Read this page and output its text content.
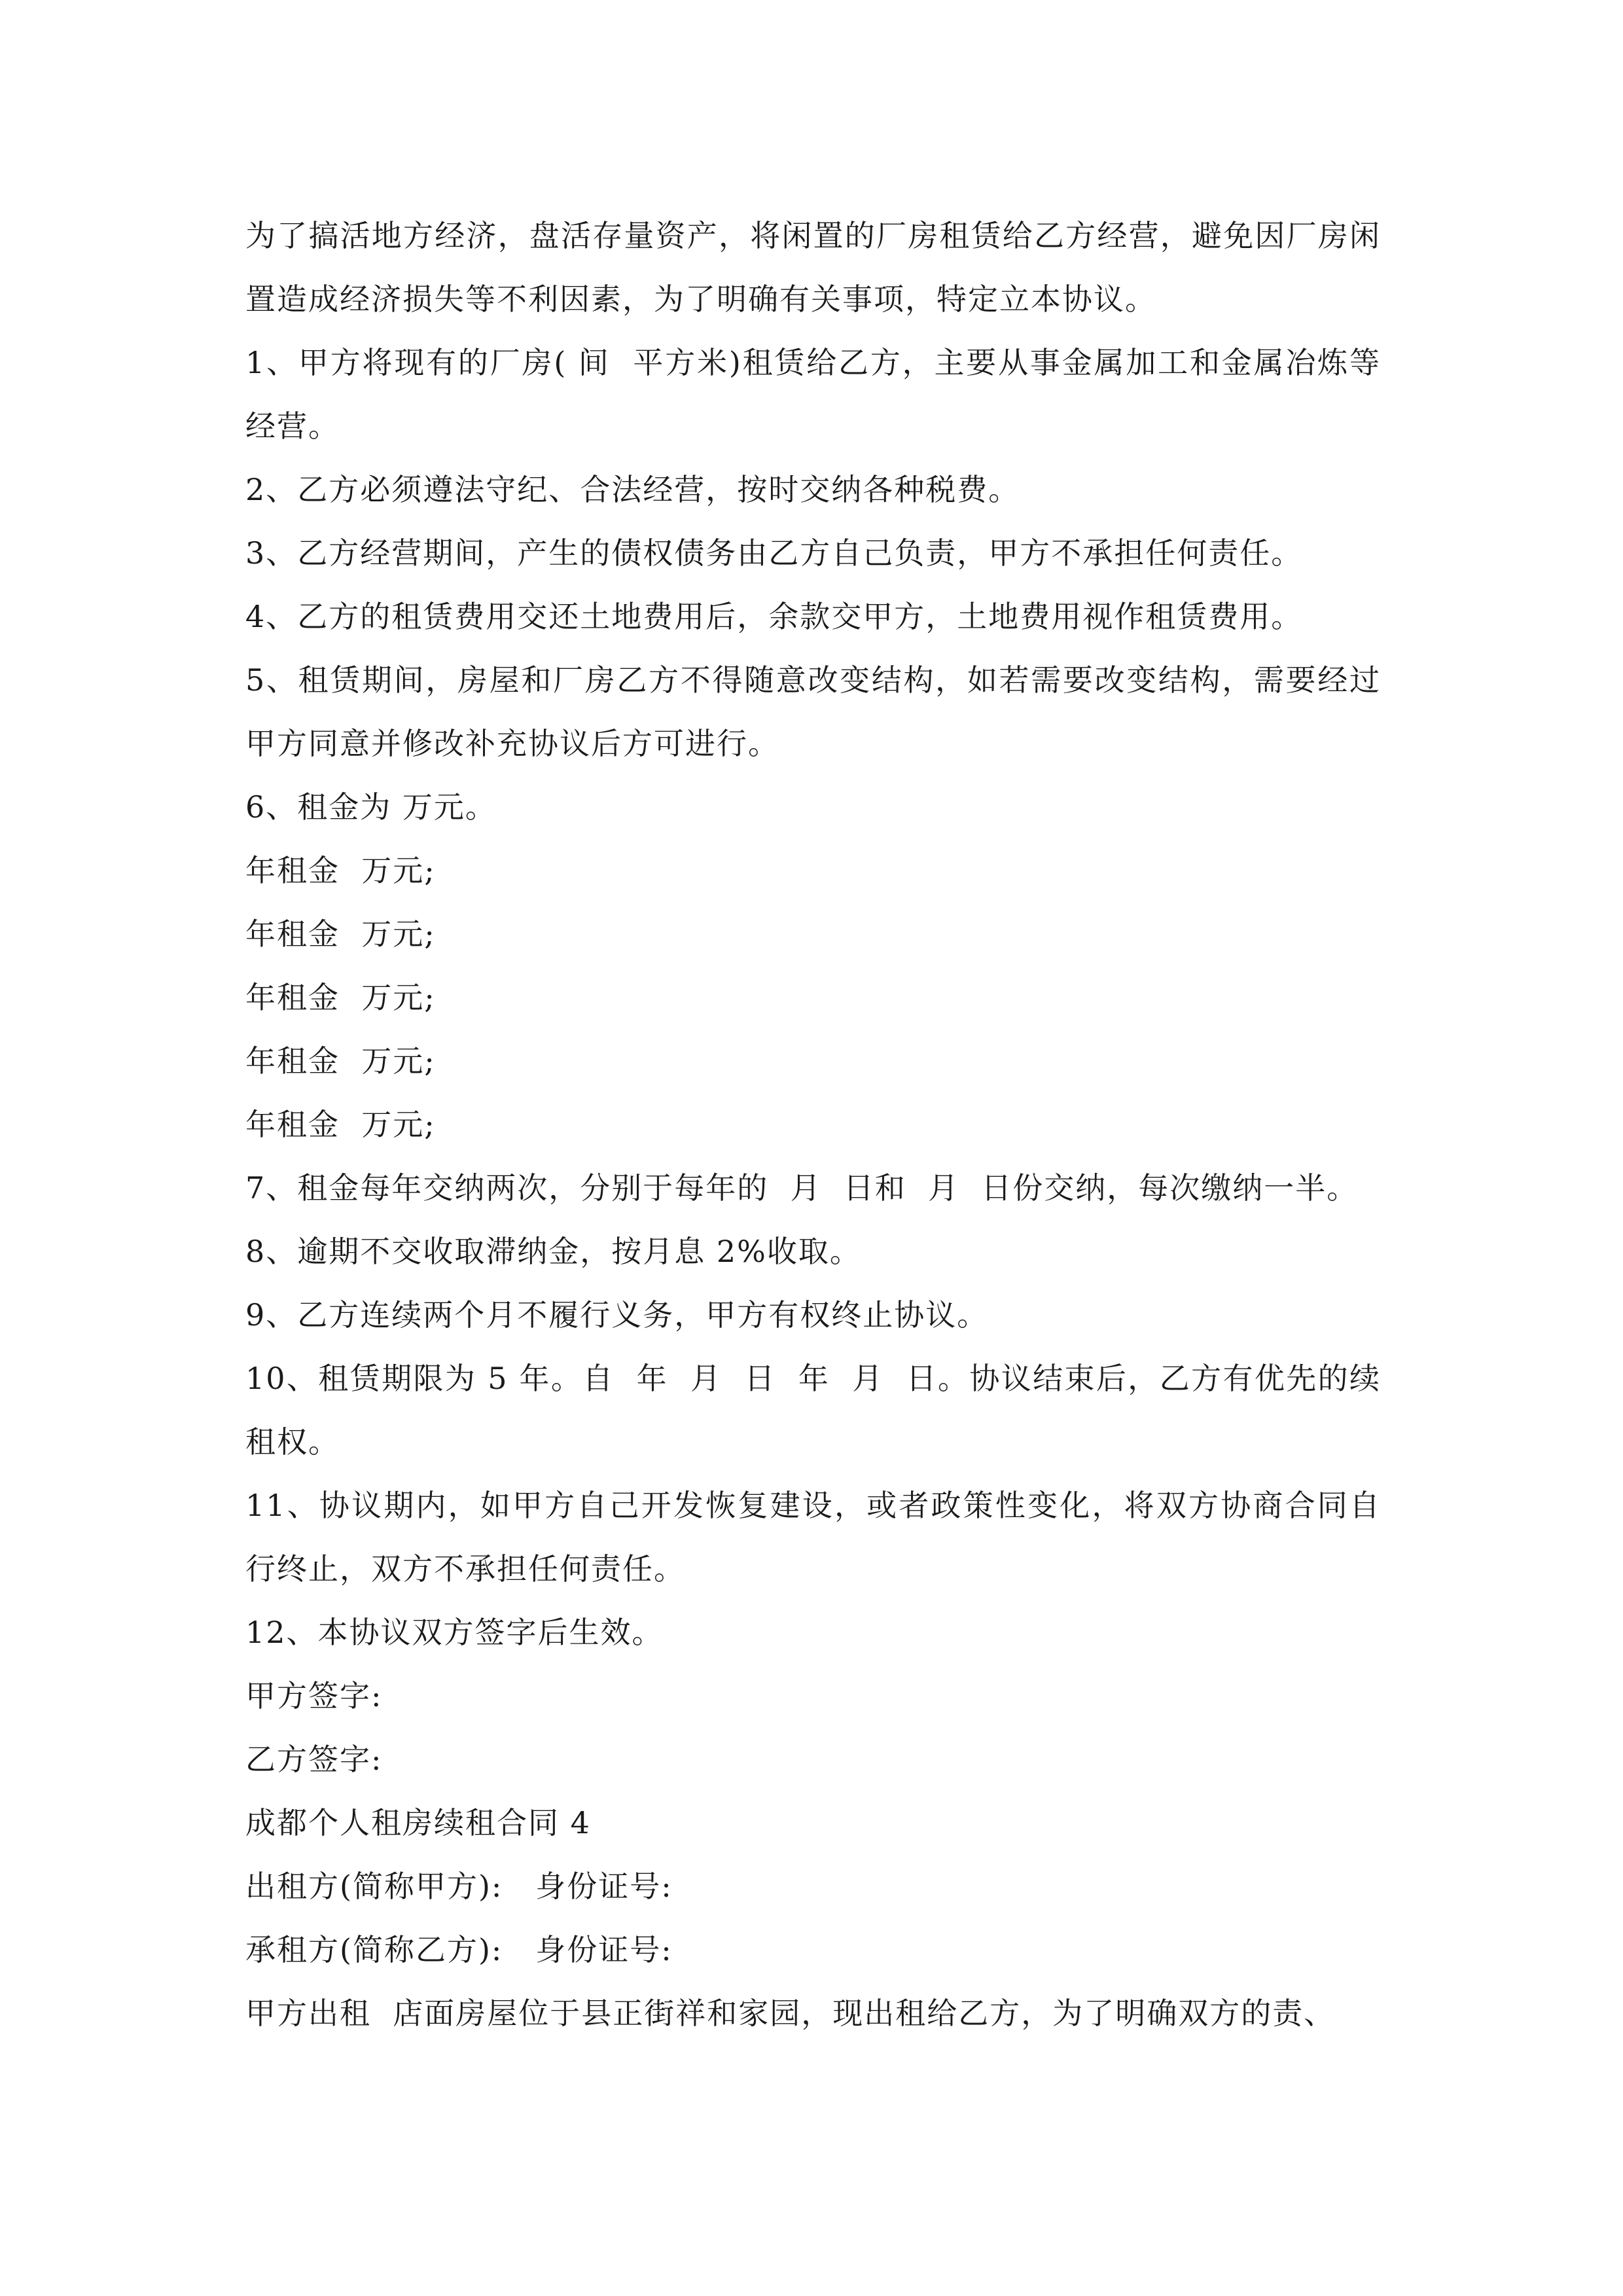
为了搞活地方经济，盘活存量资产，将闲置的厂房租赁给乙方经营，避免因厂房闲置造成经济损失等不利因素，为了明确有关事项，特定立本协议。

1、甲方将现有的厂房( 间  平方米)租赁给乙方，主要从事金属加工和金属冶炼等经营。

2、乙方必须遵法守纪、合法经营，按时交纳各种税费。

3、乙方经营期间，产生的债权债务由乙方自己负责，甲方不承担任何责任。

4、乙方的租赁费用交还土地费用后，余款交甲方，土地费用视作租赁费用。

5、租赁期间，房屋和厂房乙方不得随意改变结构，如若需要改变结构，需要经过甲方同意并修改补充协议后方可进行。

6、租金为 万元。

年租金  万元;

年租金  万元;

年租金  万元;

年租金  万元;

年租金  万元;

7、租金每年交纳两次，分别于每年的  月  日和  月  日份交纳，每次缴纳一半。

8、逾期不交收取滞纳金，按月息 2%收取。

9、乙方连续两个月不履行义务，甲方有权终止协议。

10、租赁期限为 5 年。自  年  月  日  年  月  日。协议结束后，乙方有优先的续租权。

11、协议期内，如甲方自己开发恢复建设，或者政策性变化，将双方协商合同自行终止，双方不承担任何责任。

12、本协议双方签字后生效。

甲方签字:

乙方签字:

成都个人租房续租合同 4

出租方(简称甲方):   身份证号:

承租方(简称乙方):   身份证号:

甲方出租  店面房屋位于县正街祥和家园，现出租给乙方，为了明确双方的责、
